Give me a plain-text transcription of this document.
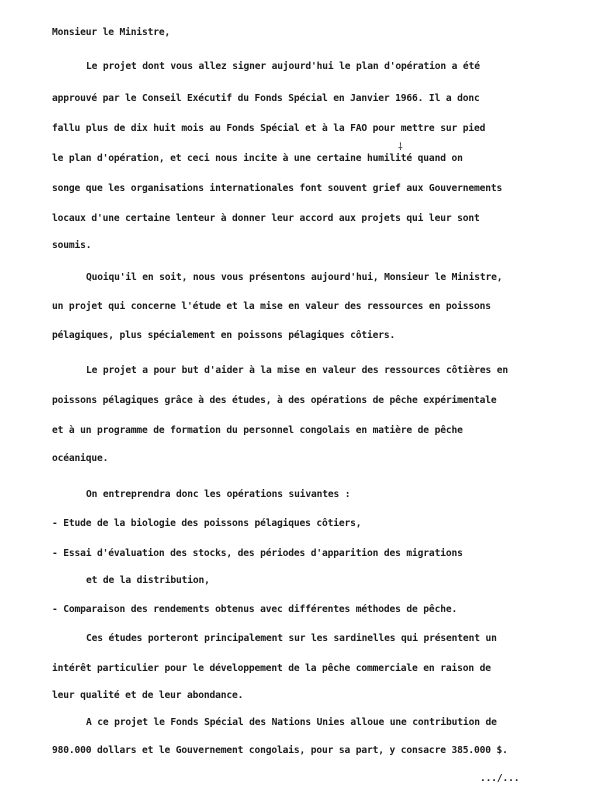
Monsieur le Ministre,
Le projet dont vous allez signer aujourd'hui le plan d'opération a été
approuvé par le Conseil Exécutif du Fonds Spécial en Janvier 1966. Il a donc
fallu plus de dix huit mois au Fonds Spécial et à la FAO pour mettre sur pied
le plan d'opération, et ceci nous incite à une certaine humilité quand on
⸸
songe que les organisations internationales font souvent grief aux Gouvernements
locaux d'une certaine lenteur à donner leur accord aux projets qui leur sont
soumis.
Quoiqu'il en soit, nous vous présentons aujourd'hui, Monsieur le Ministre,
un projet qui concerne l'étude et la mise en valeur des ressources en poissons
pélagiques, plus spécialement en poissons pélagiques côtiers.
Le projet a pour but d'aider à la mise en valeur des ressources côtières en
poissons pélagiques grâce à des études, à des opérations de pêche expérimentale
et à un programme de formation du personnel congolais en matière de pêche
océanique.
On entreprendra donc les opérations suivantes :
- Etude de la biologie des poissons pélagiques côtiers,
- Essai d'évaluation des stocks, des périodes d'apparition des migrations
et de la distribution,
- Comparaison des rendements obtenus avec différentes méthodes de pêche.
Ces études porteront principalement sur les sardinelles qui présentent un
intérêt particulier pour le développement de la pêche commerciale en raison de
leur qualité et de leur abondance.
A ce projet le Fonds Spécial des Nations Unies alloue une contribution de
980.000 dollars et le Gouvernement congolais, pour sa part, y consacre 385.000 $.
.../...
